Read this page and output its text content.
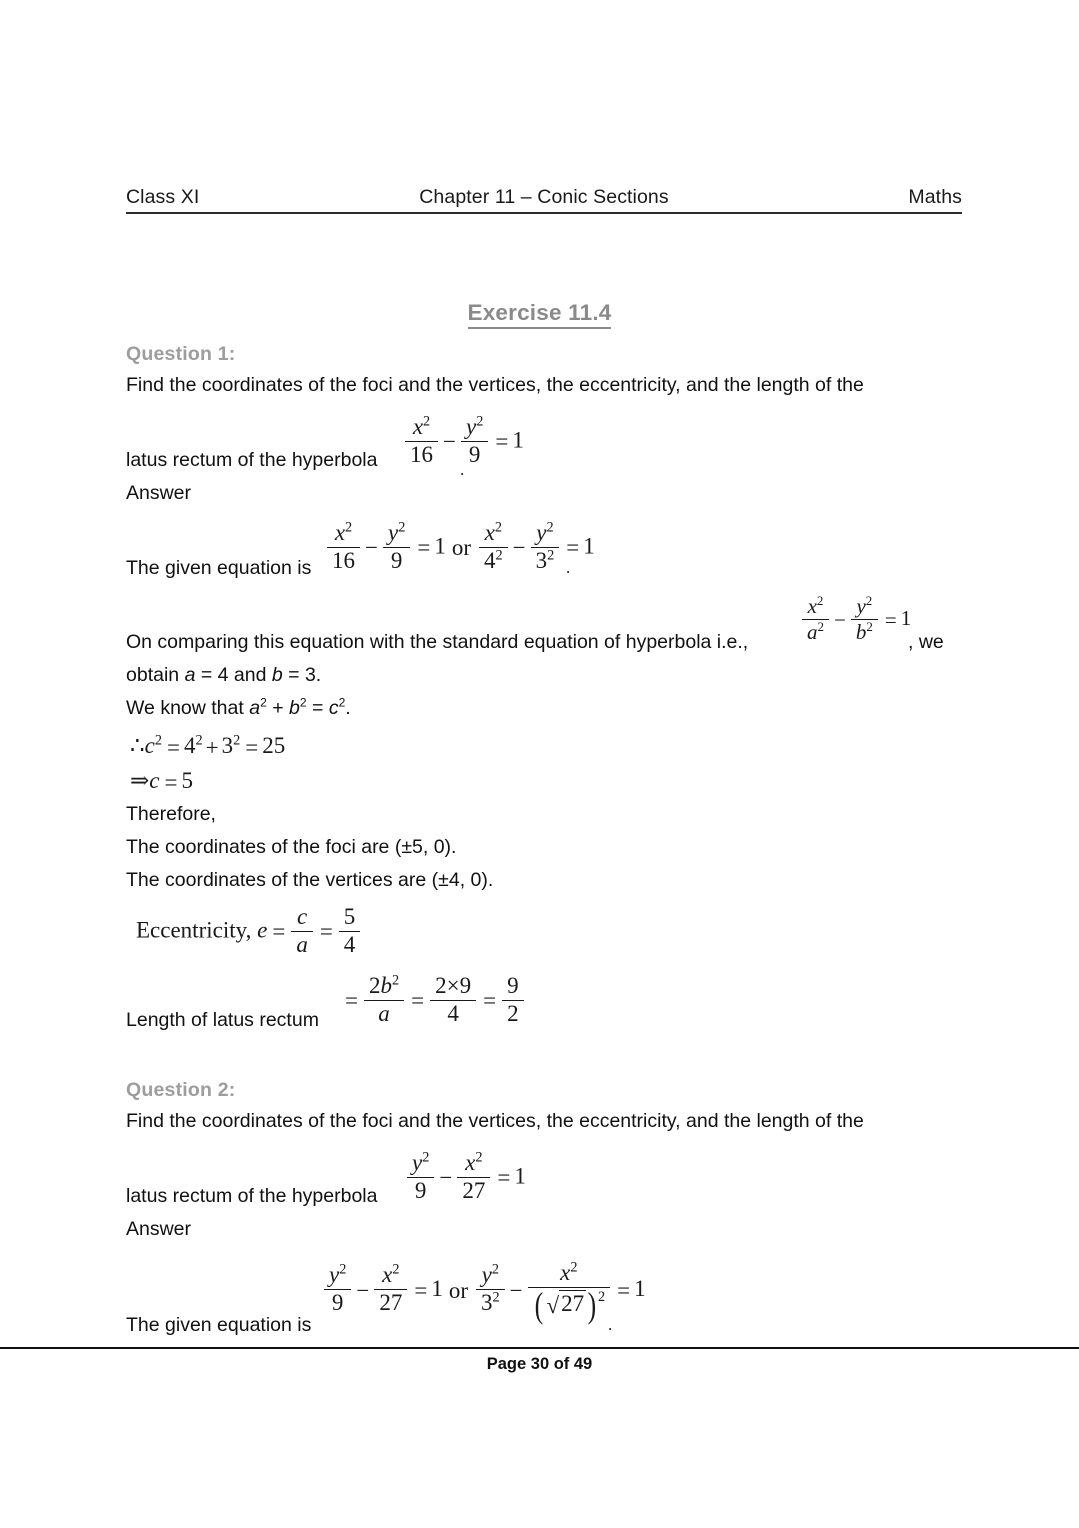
Class XI	Chapter 11 – Conic Sections	Maths
Exercise 11.4
Question 1:
Find the coordinates of the foci and the vertices, the eccentricity, and the length of the
latus rectum of the hyperbola $\frac{x^2}{16} - \frac{y^2}{9} = 1$
.
Answer
The given equation is $\frac{x^2}{16} - \frac{y^2}{9} = 1$ or $\frac{x^2}{4^2} - \frac{y^2}{3^2} = 1$
.
On comparing this equation with the standard equation of hyperbola i.e.,	$\frac{x^2}{a^2} - \frac{y^2}{b^2} = 1$
, we
obtain a = 4 and b = 3.
We know that $a^2 + b^2 = c^2$.
$\therefore c^2 = 4^2 + 3^2 = 25$
⇒c = 5
Therefore,
The coordinates of the foci are (±5, 0).
The coordinates of the vertices are (±4, 0).
Eccentricity, $e = \frac{c}{a} = \frac{5}{4}$
Length of latus rectum
= $\frac{2b^2}{a} = \frac{2\times 9}{4} = \frac{9}{2}$
Question 2:
Find the coordinates of the foci and the vertices, the eccentricity, and the length of the
latus rectum of the hyperbola $\frac{y^2}{9} - \frac{x^2}{27} = 1$
Answer
The given equation is
$\frac{y^2}{9} - \frac{x^2}{27} = 1$ or $\frac{y^2}{3^2} - \frac{x^2}{( √27 ) ^2} = 1$
.
Page 30 of 49
